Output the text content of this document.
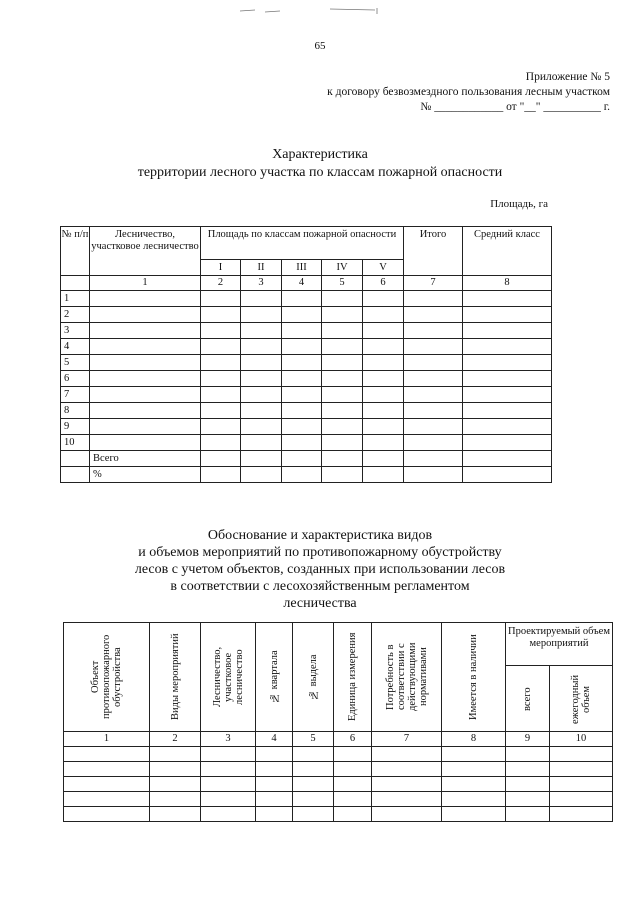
65
Приложение № 5
к договору безвозмездного пользования лесным участком
№ ____________ от "__" __________ г.
Характеристика
территории лесного участка по классам пожарной опасности
Площадь, га
№ п/п	Лесничество, участковое лесничество	Площадь по классам пожарной опасности					Итого	Средний класс
		I	II	III	IV	V		
	1	2	3	4	5	6	7	8
1								
2								
3								
4								
5								
6								
7								
8								
9								
10								
	Всего							
	%							
Обоснование и характеристика видов
и объемов мероприятий по противопожарному обустройству
лесов с учетом объектов, созданных при использовании лесов
в соответствии с лесохозяйственным регламентом
лесничества
Объект противопожарного обустройства	Виды мероприятий	Лесничество, участковое лесничество	№ квартала	№ выдела	Единица измерения	Потребность в соответствии с действующими нормативами	Имеется в наличии	Проектируемый объем мероприятий	

								всего	ежегодный объем

1	2	3	4	5	6	7	8	9	10
